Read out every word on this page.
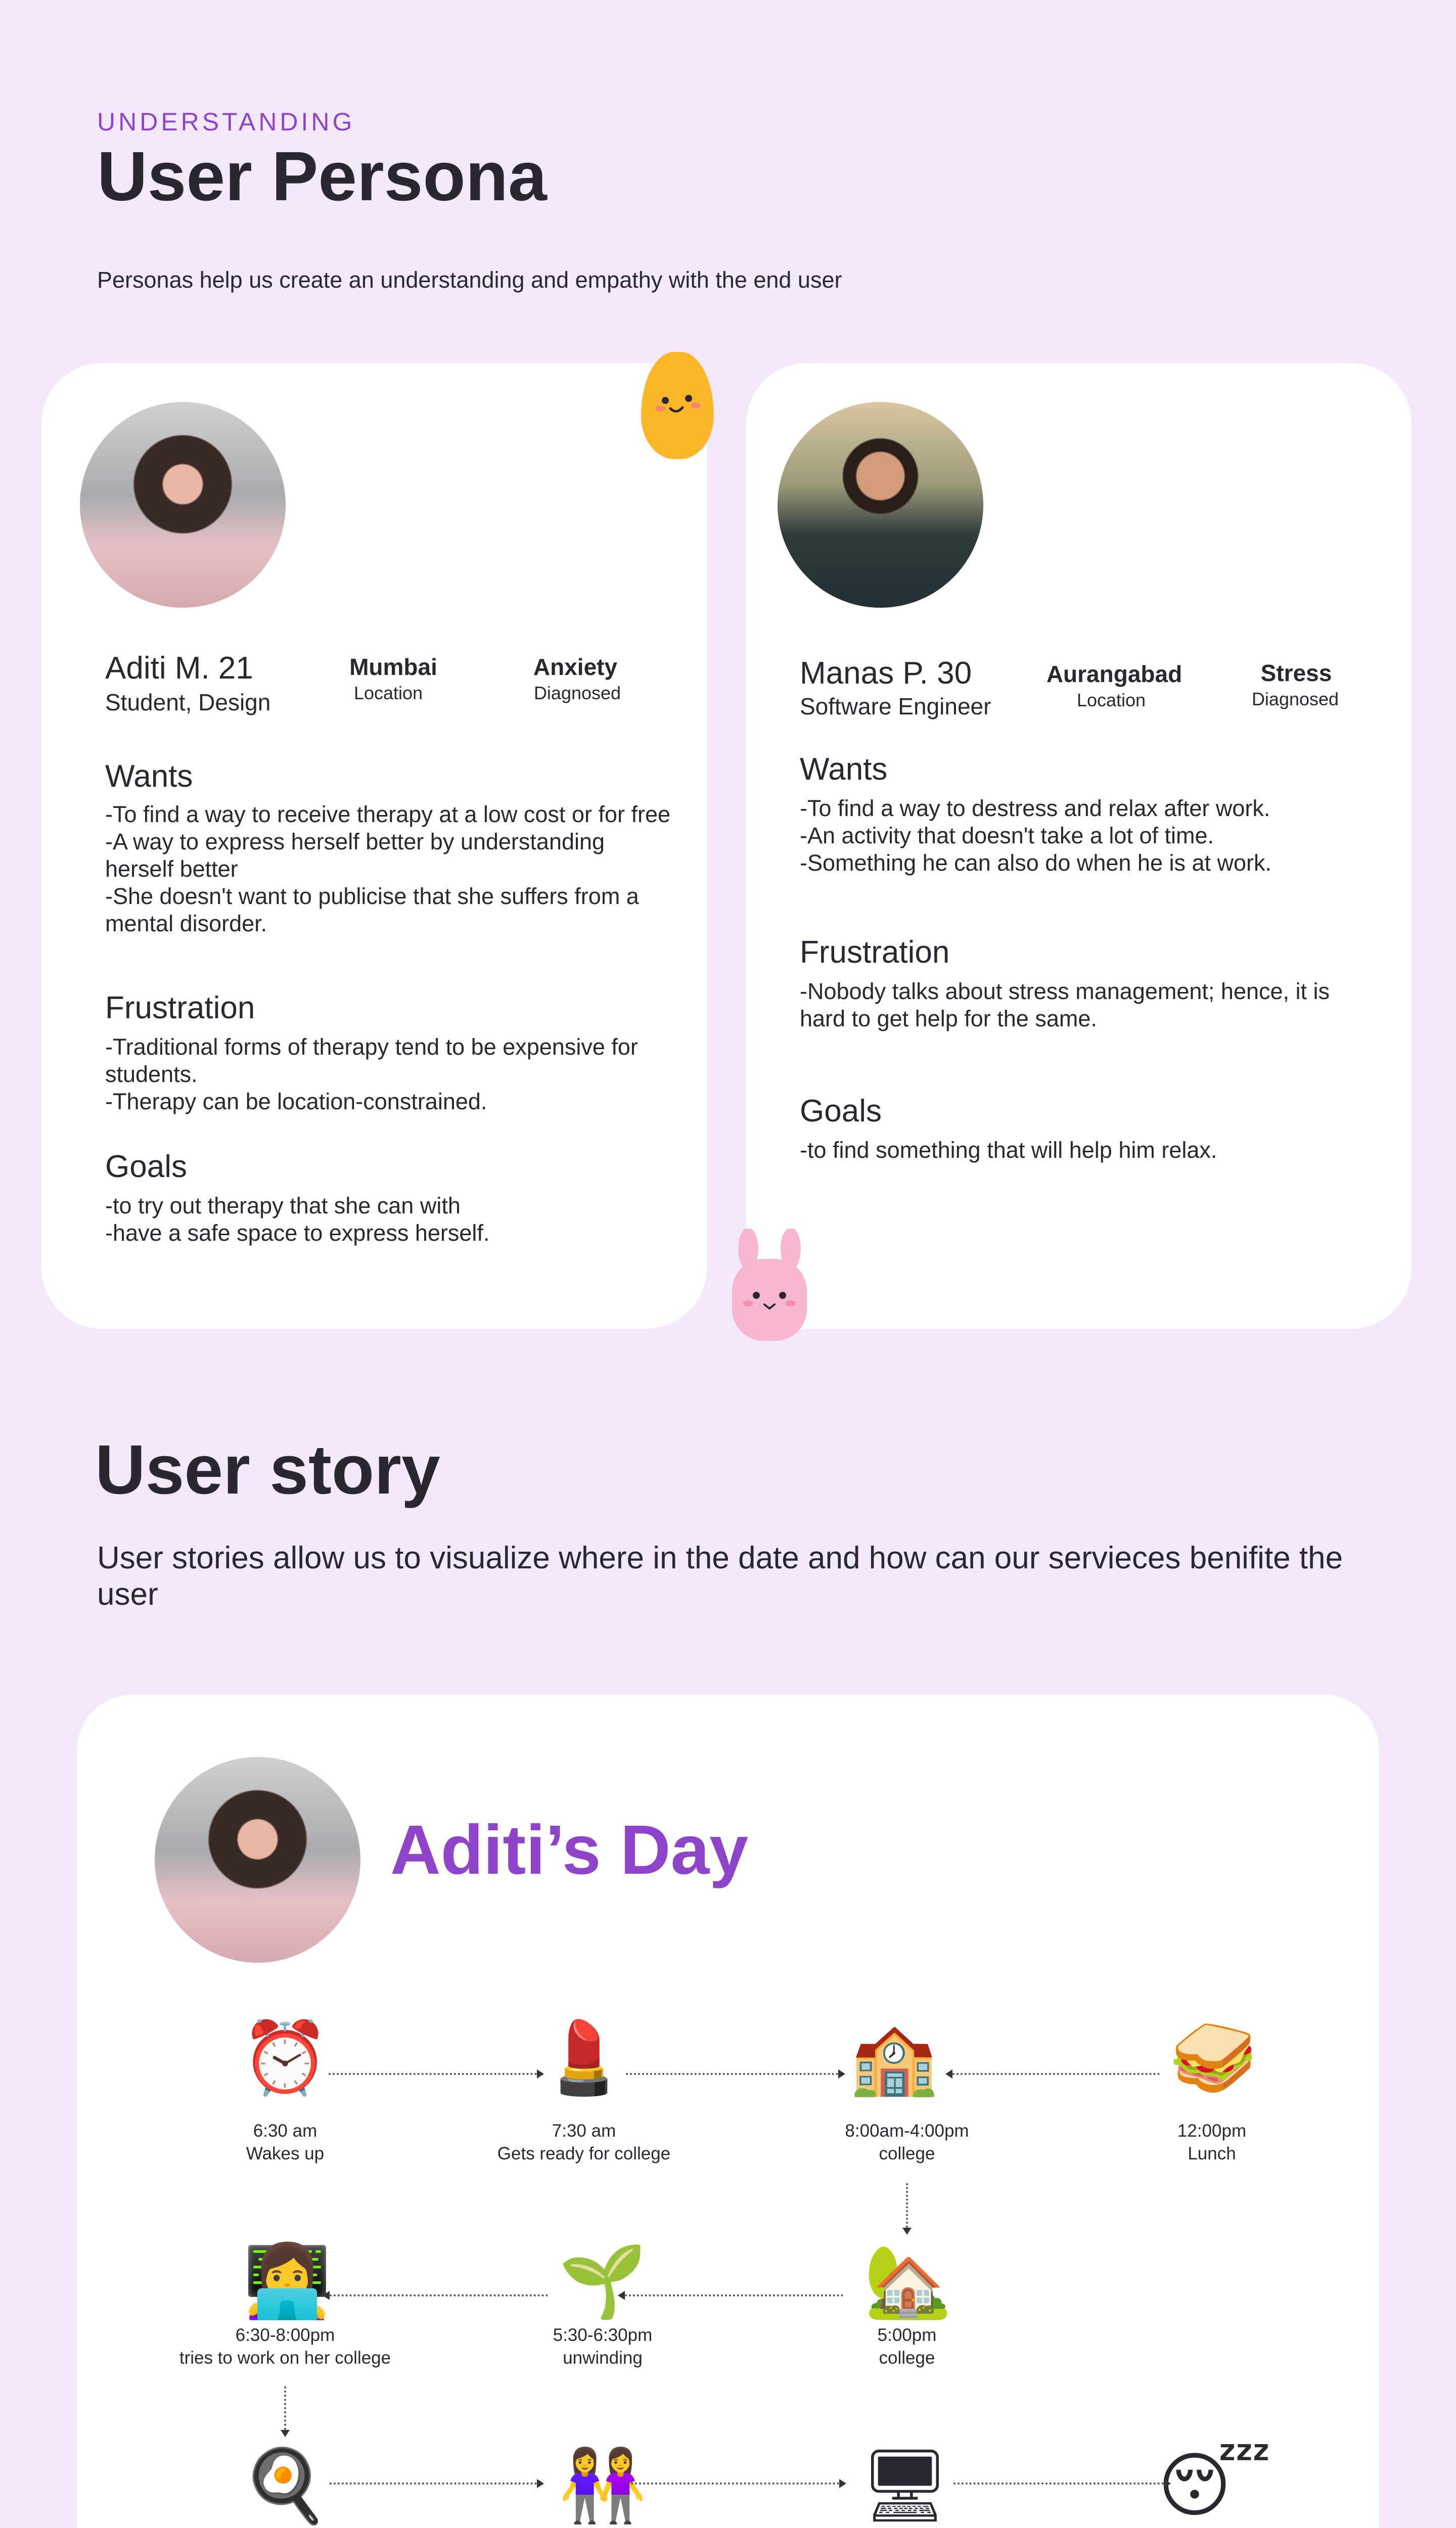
UNDERSTANDING
User Persona
Personas help us create an understanding and empathy with the end user
Aditi M. 21
Student, Design
Mumbai
Location
Anxiety
Diagnosed
Wants
-To find a way to receive therapy at a low cost or for free
-A way to express herself better by understanding herself better
-She doesn't want to publicise that she suffers from a mental disorder.
Frustration
-Traditional forms of therapy tend to be expensive for students.
-Therapy can be location-constrained.
Goals
-to try out therapy that she can with
-have a safe space to express herself.
Manas P. 30
Software Engineer
Aurangabad
Location
Stress
Diagnosed
Wants
-To find a way to destress and relax after work.
-An activity that doesn't take a lot of time.
-Something he can also do when he is at work.
Frustration
-Nobody talks about stress management; hence, it is hard to get help for the same.
Goals
-to find something that will help him relax.
User story
User stories allow us to visualize where in the date and how can our servieces benifite the user
Aditi’s Day
⏰
6:30 am
Wakes up
💄
7:30 am
Gets ready for college
🏫
8:00am-4:00pm
college
🥪
12:00pm
Lunch
🏡
5:00pm
college
🌱
5:30-6:30pm
unwinding
👩‍💻
6:30-8:00pm
tries to work on her college
🍳	👭	🖥	😴
